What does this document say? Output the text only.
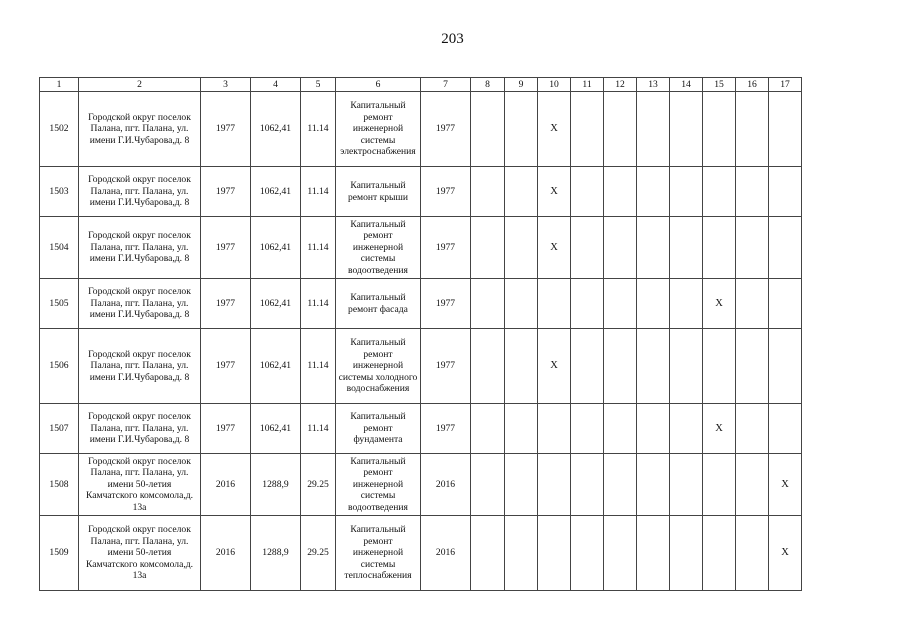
203
1	2	3	4	5	6	7	8	9	10	11	12	13	14	15	16	17
1502	Городской округ поселок Палана, пгт. Палана, ул. имени Г.И.Чубарова,д. 8	1977	1062,41	11.14	Капитальный ремонт инженерной системы электроснабжения	1977			X							
1503	Городской округ поселок Палана, пгт. Палана, ул. имени Г.И.Чубарова,д. 8	1977	1062,41	11.14	Капитальный ремонт крыши	1977			X							
1504	Городской округ поселок Палана, пгт. Палана, ул. имени Г.И.Чубарова,д. 8	1977	1062,41	11.14	Капитальный ремонт инженерной системы водоотведения	1977			X							
1505	Городской округ поселок Палана, пгт. Палана, ул. имени Г.И.Чубарова,д. 8	1977	1062,41	11.14	Капитальный ремонт фасада	1977								X		
1506	Городской округ поселок Палана, пгт. Палана, ул. имени Г.И.Чубарова,д. 8	1977	1062,41	11.14	Капитальный ремонт инженерной системы холодного водоснабжения	1977			X							
1507	Городской округ поселок Палана, пгт. Палана, ул. имени Г.И.Чубарова,д. 8	1977	1062,41	11.14	Капитальный ремонт фундамента	1977								X		
1508	Городской округ поселок Палана, пгт. Палана, ул. имени 50-летия Камчатского комсомола,д. 13а	2016	1288,9	29.25	Капитальный ремонт инженерной системы водоотведения	2016										X
1509	Городской округ поселок Палана, пгт. Палана, ул. имени 50-летия Камчатского комсомола,д. 13а	2016	1288,9	29.25	Капитальный ремонт инженерной системы теплоснабжения	2016										X
